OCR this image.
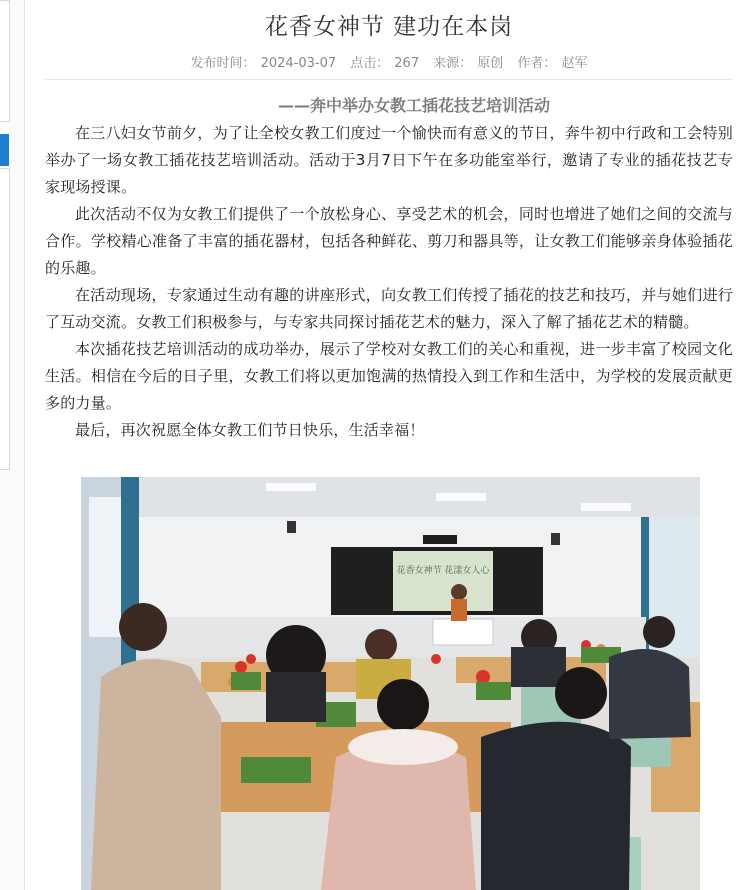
花香女神节 建功在本岗
发布时间： 2024-03-07 点击： 267 来源： 原创 作者： 赵军
——奔中举办女教工插花技艺培训活动

在三八妇女节前夕，为了让全校女教工们度过一个愉快而有意义的节日，奔牛初中行政和工会特别举办了一场女教工插花技艺培训活动。活动于3月7日下午在多功能室举行，邀请了专业的插花技艺专家现场授课。

此次活动不仅为女教工们提供了一个放松身心、享受艺术的机会，同时也增进了她们之间的交流与合作。学校精心准备了丰富的插花器材，包括各种鲜花、剪刀和器具等，让女教工们能够亲身体验插花的乐趣。

在活动现场，专家通过生动有趣的讲座形式，向女教工们传授了插花的技艺和技巧，并与她们进行了互动交流。女教工们积极参与，与专家共同探讨插花艺术的魅力，深入了解了插花艺术的精髓。

本次插花技艺培训活动的成功举办，展示了学校对女教工们的关心和重视，进一步丰富了校园文化生活。相信在今后的日子里，女教工们将以更加饱满的热情投入到工作和生活中，为学校的发展贡献更多的力量。

最后，再次祝愿全体女教工们节日快乐，生活幸福！

花香女神节 花漾女人心
